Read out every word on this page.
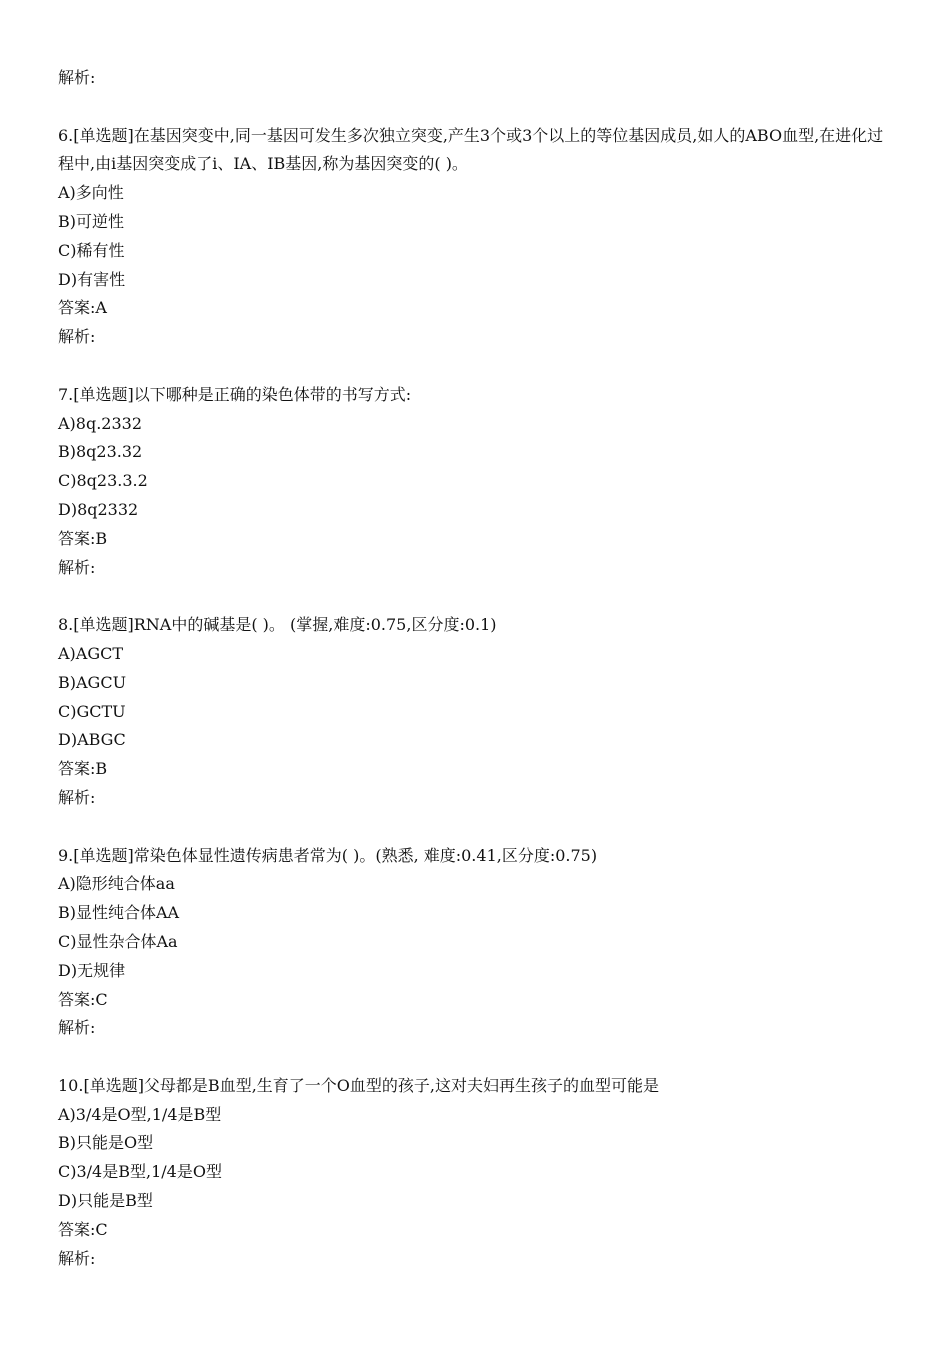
解析:

6.[单选题]在基因突变中,同一基因可发生多次独立突变,产生3个或3个以上的等位基因成员,如人的ABO血型,在进化过程中,由i基因突变成了i、IA、IB基因,称为基因突变的( )。

A)多向性

B)可逆性

C)稀有性

D)有害性

答案:A

解析:

7.[单选题]以下哪种是正确的染色体带的书写方式:

A)8q.2332

B)8q23.32

C)8q23.3.2

D)8q2332

答案:B

解析:

8.[单选题]RNA中的碱基是( )。 (掌握,难度:0.75,区分度:0.1)

A)AGCT

B)AGCU

C)GCTU

D)ABGC

答案:B

解析:

9.[单选题]常染色体显性遗传病患者常为( )。(熟悉, 难度:0.41,区分度:0.75)

A)隐形纯合体aa

B)显性纯合体AA

C)显性杂合体Aa

D)无规律

答案:C

解析:

10.[单选题]父母都是B血型,生育了一个O血型的孩子,这对夫妇再生孩子的血型可能是

A)3/4是O型,1/4是B型

B)只能是O型

C)3/4是B型,1/4是O型

D)只能是B型

答案:C

解析:
